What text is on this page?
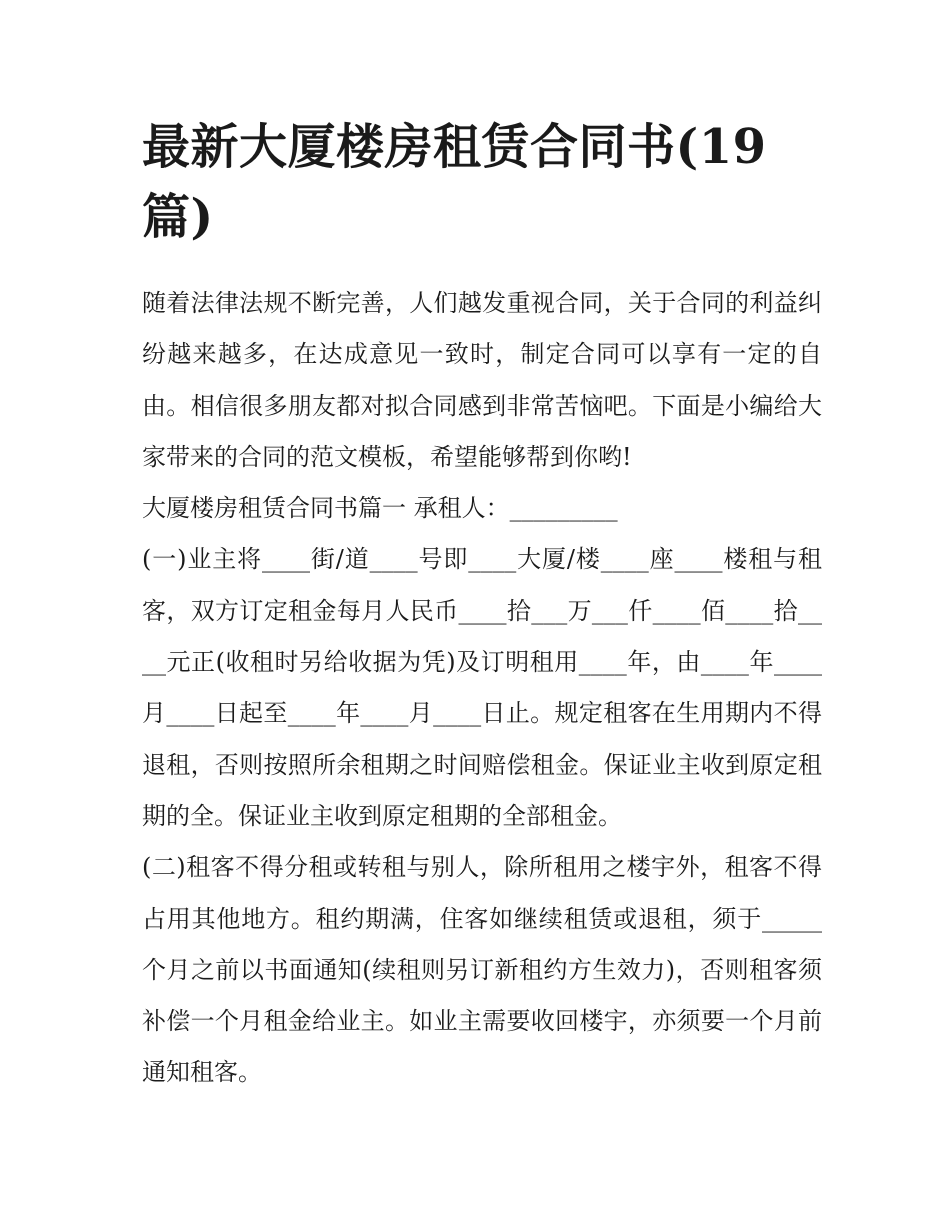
最新大厦楼房租赁合同书(19篇)

随着法律法规不断完善，人们越发重视合同，关于合同的利益纠纷越来越多，在达成意见一致时，制定合同可以享有一定的自由。相信很多朋友都对拟合同感到非常苦恼吧。下面是小编给大家带来的合同的范文模板，希望能够帮到你哟!

大厦楼房租赁合同书篇一 承租人：_________

(一)业主将____街/道____号即____大厦/楼____座____楼租与租客，双方订定租金每月人民币____拾___万___仟____佰____拾____元正(收租时另给收据为凭)及订明租用____年，由____年____月____日起至____年____月____日止。规定租客在生用期内不得退租，否则按照所余租期之时间赔偿租金。保证业主收到原定租期的全。保证业主收到原定租期的全部租金。

(二)租客不得分租或转租与别人，除所租用之楼宇外，租客不得占用其他地方。租约期满，住客如继续租赁或退租，须于_____个月之前以书面通知(续租则另订新租约方生效力)，否则租客须补偿一个月租金给业主。如业主需要收回楼宇，亦须要一个月前通知租客。
